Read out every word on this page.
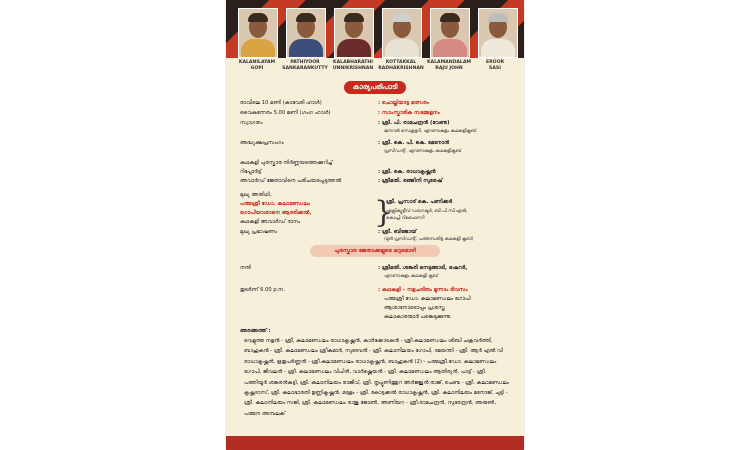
KALANILAYAM
GOPI
PATHIYOOR
SANKARANKUTTY
KALABHARATHI
UNNIKRISHNAN
KOTTAKKAL
RADHAKRISHNAN
KALAMANDALAM
RAJU JOHN
EROOR
SASI
കാര്യപരിപാടി
രാവിലെ 10 മണി (കാവേരി ഹാൾ)	: ചൊല്ലിയാട്ട മത്സരം
വൈകുന്നേരം 5.00 മണി (ഗംഗ ഹാൾ)	: സാംസ്കാരിക സമ്മേളനം
സ്വാഗതം	: ശ്രീ. പി. രാമചന്ദ്രൻ (വേണു)
ജനറൽ സെക്രട്ടറി, എറണാകുളം കഥകളിക്ലബ്
അദ്ധ്യക്ഷപ്രസംഗം	: ശ്രീ. കെ. പി. കെ. മേനോൻ
പ്രസിഡന്റ്, എറണാകുളം കഥകളിക്ലബ്
കഥകളി പുരസ്കാര നിർണ്ണയത്തെക്കുറിച്ച്
റിപ്പോർട്ട്	: ശ്രീ. കെ. രാധാകൃഷ്ണൻ
അവാർഡ് ജേതാവിനെ പരിചയപ്പെടുത്തൽ	: ശ്രീമതി. രഞ്ജിനി സുരേഷ്
മുഖ്യ അതിഥി,
പത്മശ്രീ ഡോ. കലാമണ്ഡലം
ഗോപിയാശാനെ ആദരിക്കൽ,
കഥകളി അവാർഡ് ദാനം
മുഖ്യ പ്രഭാഷണം
}
ശ്രീ. പ്രസാദ് കെ. പണിക്കർ
എക്സിക്യൂട്ടീവ് ഡയറക്ടർ, ബി.പി.സി.എൽ,
കൊച്ചി റിഫൈനറി
: ശ്രീ. ബിജോയ്
(മുൻ പ്രസിഡന്റ്, പത്തനംതിട്ട കഥകളി ക്ലബ്)
പുരസ്കാര ജേതാക്കളുടെ മറുമൊഴി
നന്ദി	: ശ്രീമതി. ശങ്കരി നെടുങ്ങാടി, ട്രഷറർ,
എറണാകുളം കഥകളി ക്ലബ്
തുടർന്ന് 6.00 p.m.	: കഥകളി – നളചരിതം മൂന്നാം ദിവസം
പത്മശ്രീ ഡോ. കലാമണ്ഡലം ഗോപി
ആശാനോടൊപ്പം പ്രശസ്ത
കലാകാരന്മാർ പങ്കെടുക്കുന്നു.
അരങ്ങത്ത് :
വെളുത്ത നളൻ - ശ്രീ. കലാമണ്ഡലം രാധാകൃഷ്ണൻ, കാർക്കോടകൻ - ശ്രീ.കലാമണ്ഡലം ശിബി ചക്രവർത്തി, ബാഹുകൻ - ശ്രീ. കലാമണ്ഡലം ശ്രീകുമാർ, സുദേവൻ - ശ്രീ. കലാനിലയം ഗോപി, ദമയന്തി - ശ്രീ. ആർ എൽ വി രാധാകൃഷ്ണൻ, ഋതുപർണ്ണൻ - ശ്രീ.കലാമണ്ഡലം രാധാകൃഷ്ണൻ, ബാഹുകൻ (2) - പത്മശ്രീ.ഡോ. കലാമണ്ഡലം ഗോപി, ജീവലൻ - ശ്രീ. കലാമണ്ഡലം വിപിൻ, വാർഷ്ണേയൻ - ശ്രീ. കലാമണ്ഡലം ആതിര്യൻ, പാട്ട് - ശ്രീ. പത്തിയൂർ ശങ്കരൻകുട്ടി, ശ്രീ. കലാനിലയം രാജീവ്, ശ്രീ. തൃപ്പൂണിത്തുറ അർജ്ജുൻ രാജ്, ചെണ്ട - ശ്രീ. കലാമണ്ഡലം കൃഷ്ണദാസ്, ശ്രീ. കലാഭാരതി ഉണ്ണികൃഷ്ണൻ, മദ്ദളം - ശ്രീ. കോട്ടക്കൽ രാധാകൃഷ്ണൻ, ശ്രീ. കലാനിലയം മനോജ്, ചുട്ടി - ശ്രീ. കലാനിലയം സജി, ശ്രീ. കലാമണ്ഡലം രാജു ജോൺ, അണിയറ - ശ്രീ.രാമചന്ദ്രൻ, സുരേന്ദ്രൻ, അരുൺ, പത്മന അമ്പലക്
